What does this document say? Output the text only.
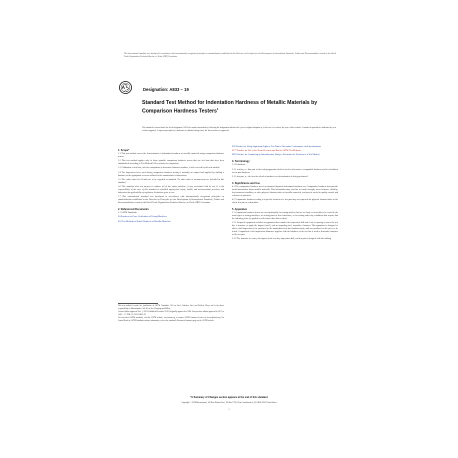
This international standard was developed in accordance with internationally recognized principles on standardization established in the Decision on Principles for the Development of International Standards, Guides and Recommendations issued by the World Trade Organization Technical Barriers to Trade (TBT) Committee.
Designation: A833 − 19
Standard Test Method for Indentation Hardness of Metallic Materials by Comparison Hardness Testers$^1$
This standard is issued under the fixed designation A833; the number immediately following the designation indicates the year of original adoption or, in the case of revision, the year of last revision. A number in parentheses indicates the year of last reapproval. A superscript epsilon (ε) indicates an editorial change since the last revision or reapproval.
1. Scope*

1.1 This test method covers the determination of indentation hardness of metallic materials using comparison hardness testers.

1.2 This test method applies only to those portable comparison hardness testers that use test bars that have been standardized according to Test Method E10 as a basis for comparison.

1.3 Calibration of test bars, used for comparison to determine hardness numbers, is also covered by this test method.

1.4 The impression force used during comparison hardness testing is normally an impact load applied by striking a hammer on the appropriate areas as outlined in the manufacturer's instructions.

1.5 The values stated in SI units are to be regarded as standard. No other units of measurement are included in this standard.

1.6 This standard does not purport to address all of the safety problems, if any, associated with its use. It is the responsibility of the user of this standard to establish appropriate safety, health, and environmental practices and determine the applicability of regulatory limitations prior to use.

1.7 This international standard was developed in accordance with internationally recognized principles on standardization established in the Decision on Principles for the Development of International Standards, Guides and Recommendations issued by the World Trade Organization Technical Barriers to Trade (TBT) Committee.

2. Referenced Documents

2.1 ASTM Standards:

E4 Practices for Force Verification of Testing Machines

E10 Test Method for Brinell Hardness of Metallic Materials

E29 Practice for Using Significant Digits in Test Data to Determine Conformance with Specifications

E177 Practice for Use of the Terms Precision and Bias in ASTM Test Methods

E691 Practice for Conducting an Interlaboratory Study to Determine the Precision of a Test Method

3. Terminology

3.1 Definitions:

3.1.1 test bar, n—that part of the testing apparatus which is used to determine a comparable hardness and to calculation of test part hardness.

3.1.2 test part, n—the item for which a hardness test determination is being performed.

4. Significance and Use

4.1 The comparative hardness test is an empirical dynamic indentation hardness test. Comparative hardness tests provide useful information about metallic materials. This information may correlate to tensile strength, wear resistance, ductility, heat treatment condition, or other physical characteristics of metallic materials, and may be useful in quality control and selection of materials.

4.2 Comparative hardness testing at a specific location on a test part may not represent the physical characteristics of the whole test part or end product.

5. Apparatus

5.1 Comparison hardness testers are used principally for testing articles that are too large or unwieldy to be tested in the usual types of testing machines, for testing parts of fixed structures, or for testing under any conditions that require that the indenting force be applied in a direction other than vertical.

5.1.1 Required equipment includes an apparatus that contains the impression ball and a test or spacing to insert the test bar, a structure to apply the impact (anvil), and an impacting tool, normally a hammer. This apparatus is designed to allow a ball impression to be produced in the standardized test bar simultaneously with one produced on the piece to be tested. Comparison of the impression diameters together with the hardness of the test bar is used to determine hardness of the test part.

5.1.2 The structure to convey the impact to the test bar, impression ball, and test part is designed with the striking

This test method is under the jurisdiction of ASTM Committee A01 on Steel, Stainless Steel and Related Alloys and is the direct responsibility of Subcommittee A01.06 on Steel Forgings and Billets.

Current edition approved Nov. 1, 2019. Published December 2019. Originally approved in 1984. Last previous edition approved in 2017 as A833 – 17. DOI: 10.1520/A0833-19.

For referenced ASTM standards, visit the ASTM website, www.astm.org, or contact ASTM Customer Service at service@astm.org. For Annual Book of ASTM Standards volume information, refer to the standard's Document Summary page on the ASTM website.

*A Summary of Changes section appears at the end of this standard
Copyright © ASTM International, 100 Barr Harbor Drive, PO Box C700, West Conshohocken, PA 19428-2959. United States
1
